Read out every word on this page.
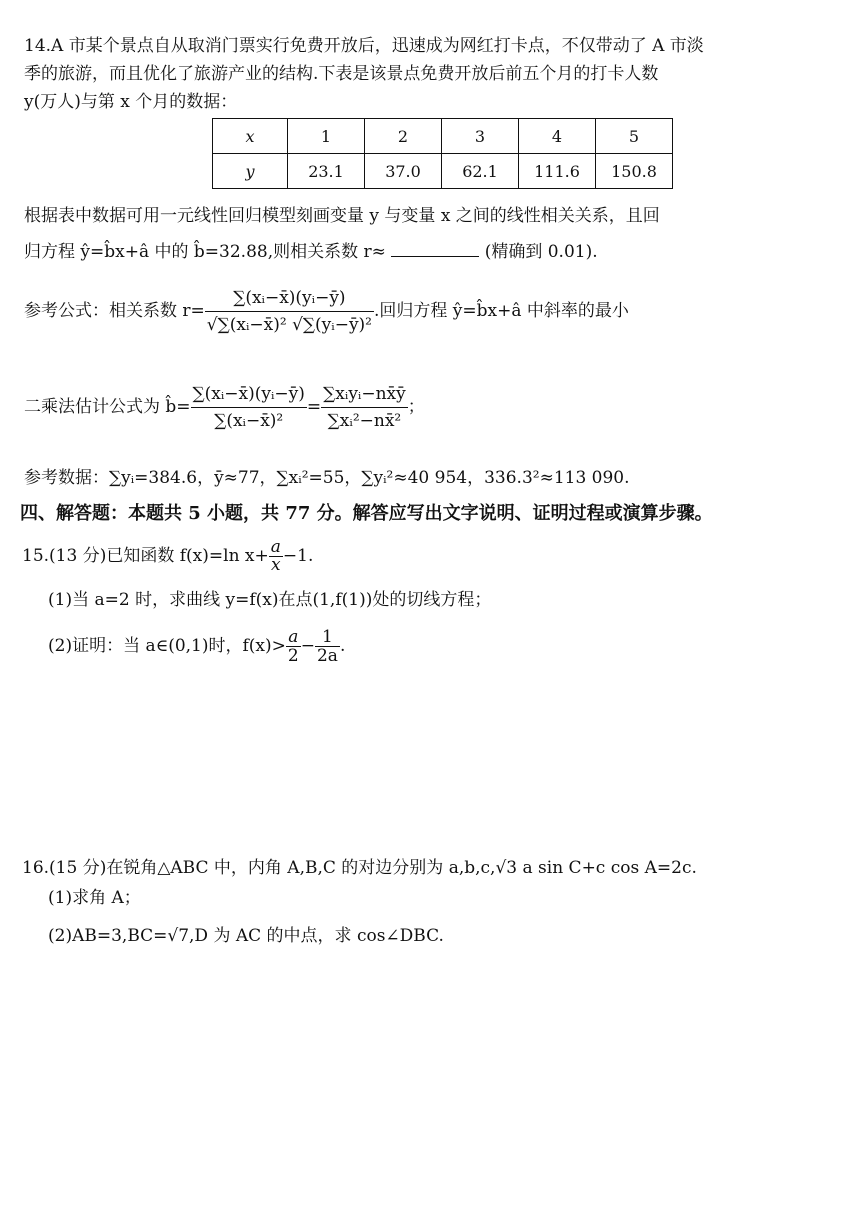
14.A 市某个景点自从取消门票实行免费开放后，迅速成为网红打卡点，不仅带动了 A 市淡
季的旅游，而且优化了旅游产业的结构.下表是该景点免费开放后前五个月的打卡人数
y(万人)与第 x 个月的数据：
x	1	2	3	4	5
y	23.1	37.0	62.1	111.6	150.8
根据表中数据可用一元线性回归模型刻画变量 y 与变量 x 之间的线性相关关系，且回
归方程 ŷ=b̂x+â 中的 b̂=32.88,则相关系数 r≈	(精确到 0.01).
参考公式：相关系数 $r= \frac{\text{∑(xᵢ−x̄)(yᵢ−ȳ)}}{\text{√∑(xᵢ−x̄)² √∑(yᵢ−ȳ)²}}$ .回归方程 ŷ=b̂x+â 中斜率的最小
二乘法估计公式为 b̂= $\frac{\text{∑(xᵢ−x̄)(yᵢ−ȳ)}}{\text{∑(xᵢ−x̄)²}} = \frac{\text{∑xᵢyᵢ−nx̄ȳ}}{\text{∑xᵢ²−nx̄²}}$ ；
参考数据：∑yᵢ=384.6，ȳ≈77，∑xᵢ²=55，∑yᵢ²≈40 954，336.3²≈113 090.
四、解答题：本题共 5 小题，共 77 分。解答应写出文字说明、证明过程或演算步骤。
15.(13 分)已知函数 f(x)=ln $x+ \frac{a}{x} -1$.
(1)当 a=2 时，求曲线 y=f(x)在点(1,f(1))处的切线方程；
(2)证明：当 a∈(0,1)时，$f(x)> \frac{a}{2} - \frac{1}{2a}$ .
16.(15 分)在锐角△ABC 中，内角 A,B,C 的对边分别为 a,b,c,√3 a sin C+c cos A=2c.
(1)求角 A；
(2)AB=3,BC=√7,D 为 AC 的中点，求 cos∠DBC.
